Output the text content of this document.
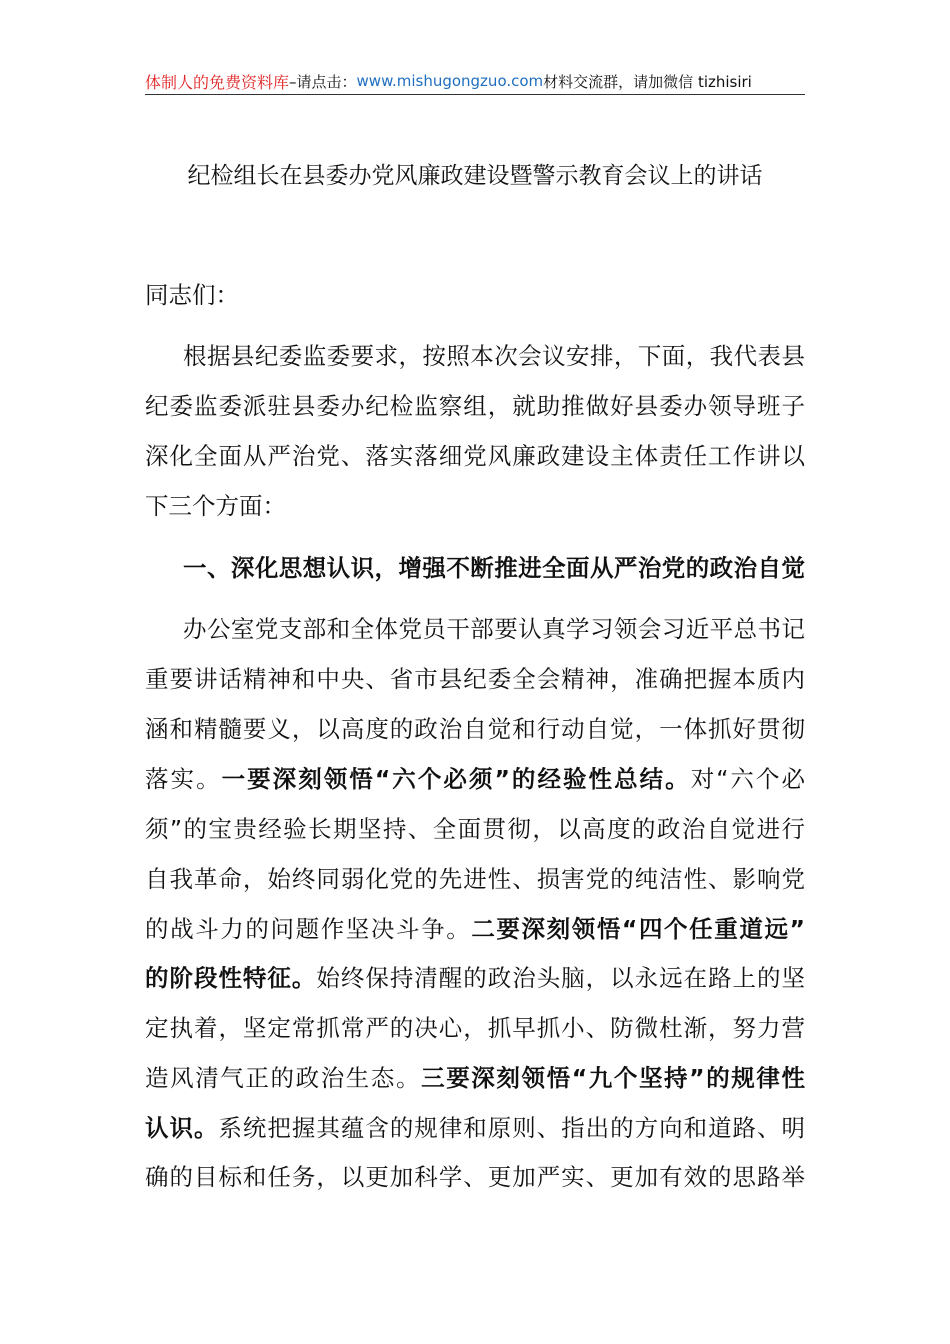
体制人的免费资料库 –请点击： www.mishugongzuo.com 材料交流群，请加微信 tizhisiri
纪检组长在县委办党风廉政建设暨警示教育会议上的讲话
同志们：
根据县纪委监委要求，按照本次会议安排，下面，我代表县
纪委监委派驻县委办纪检监察组，就助推做好县委办领导班子
深化全面从严治党、落实落细党风廉政建设主体责任工作讲以
下三个方面：
一、深化思想认识，增强不断推进全面从严治党的政治自觉
办公室党支部和全体党员干部要认真学习领会习近平总书记
重要讲话精神和中央、省市县纪委全会精神，准确把握本质内
涵和精髓要义，以高度的政治自觉和行动自觉，一体抓好贯彻
落实。一要深刻领悟“六个必须”的经验性总结。对“六个必
须”的宝贵经验长期坚持、全面贯彻，以高度的政治自觉进行
自我革命，始终同弱化党的先进性、损害党的纯洁性、影响党
的战斗力的问题作坚决斗争。二要深刻领悟“四个任重道远”
的阶段性特征。始终保持清醒的政治头脑，以永远在路上的坚
定执着，坚定常抓常严的决心，抓早抓小、防微杜渐，努力营
造风清气正的政治生态。三要深刻领悟“九个坚持”的规律性
认识。系统把握其蕴含的规律和原则、指出的方向和道路、明
确的目标和任务，以更加科学、更加严实、更加有效的思路举
